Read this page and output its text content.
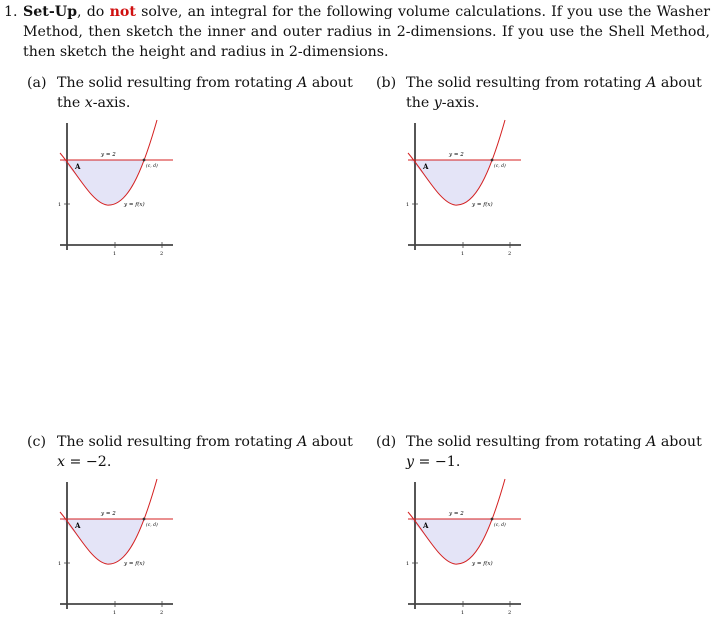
1. Set-Up, do not solve, an integral for the following volume calculations. If you use the Washer Method, then sketch the inner and outer radius in 2-dimensions. If you use the Shell Method, then sketch the height and radius in 2-dimensions.
(a) The solid resulting from rotating A about
the x-axis.
(b) The solid resulting from rotating A about
the y-axis.
(c) The solid resulting from rotating A about
x = −2.
(d) The solid resulting from rotating A about
y = −1.
y = 2
A	(c, d)
y = f(x)
1
1	2
y = 2
A	(c, d)
y = f(x)
1
1	2
y = 2
A	(c, d)
y = f(x)
1
1	2
y = 2
A	(c, d)
y = f(x)
1
1	2
